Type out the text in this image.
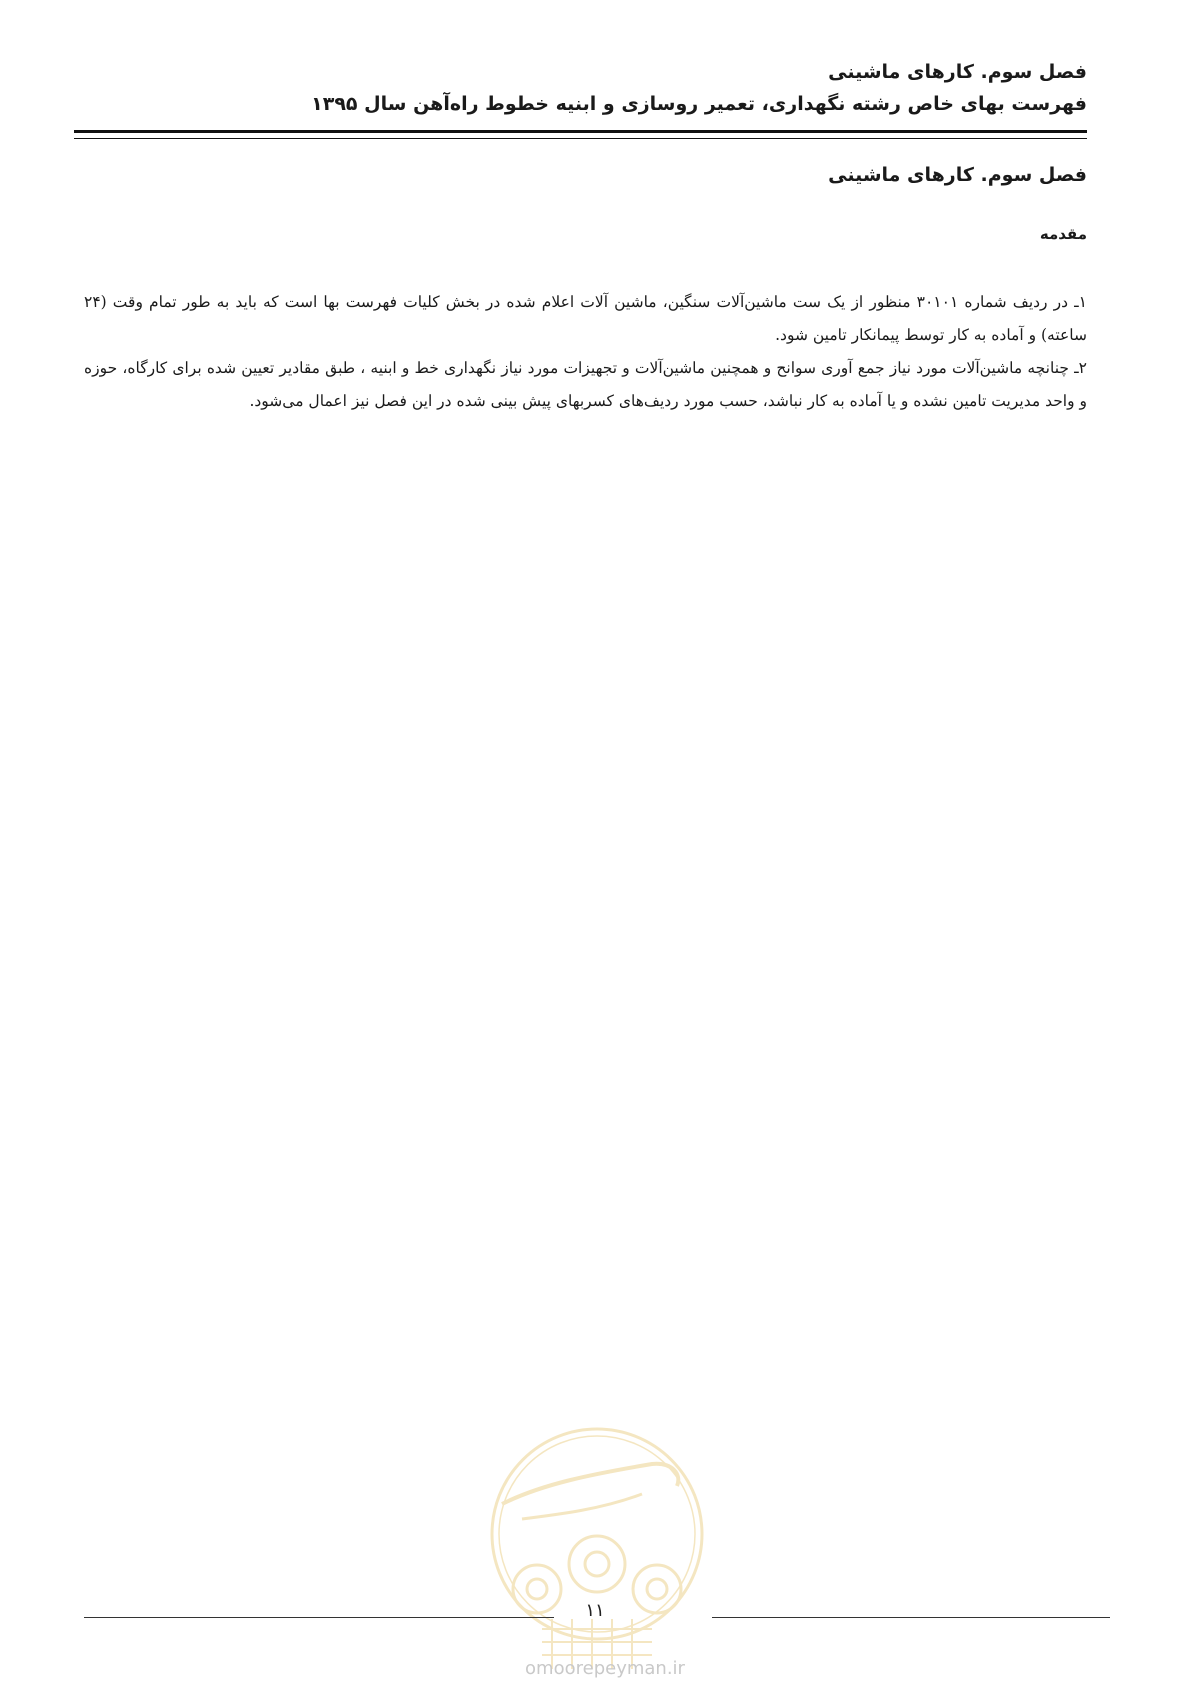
فصل سوم. کارهای ماشینی
فهرست بهای خاص رشته نگهداری، تعمیر روسازی و ابنیه خطوط راه‌آهن سال ۱۳۹۵
فصل سوم. کارهای ماشینی
مقدمه

۱ـ در ردیف شماره ۳۰۱۰۱ منظور از یک ست ماشین‌آلات سنگین، ماشین آلات اعلام شده در بخش کلیات فهرست بها است که باید به طور تمام وقت (۲۴ ساعته) و آماده به کار توسط پیمانکار تامین شود.

۲ـ چنانچه ماشین‌آلات مورد نیاز جمع آوری سوانح و همچنین ماشین‌آلات و تجهیزات مورد نیاز نگهداری خط و ابنیه ، طبق مقادیر تعیین شده برای کارگاه، حوزه و واحد مدیریت تامین نشده و یا آماده به کار نباشد، حسب مورد ردیف‌های کسربهای پیش بینی شده در این فصل نیز اعمال می‌شود.

۱۱
omoorepeyman.ir
